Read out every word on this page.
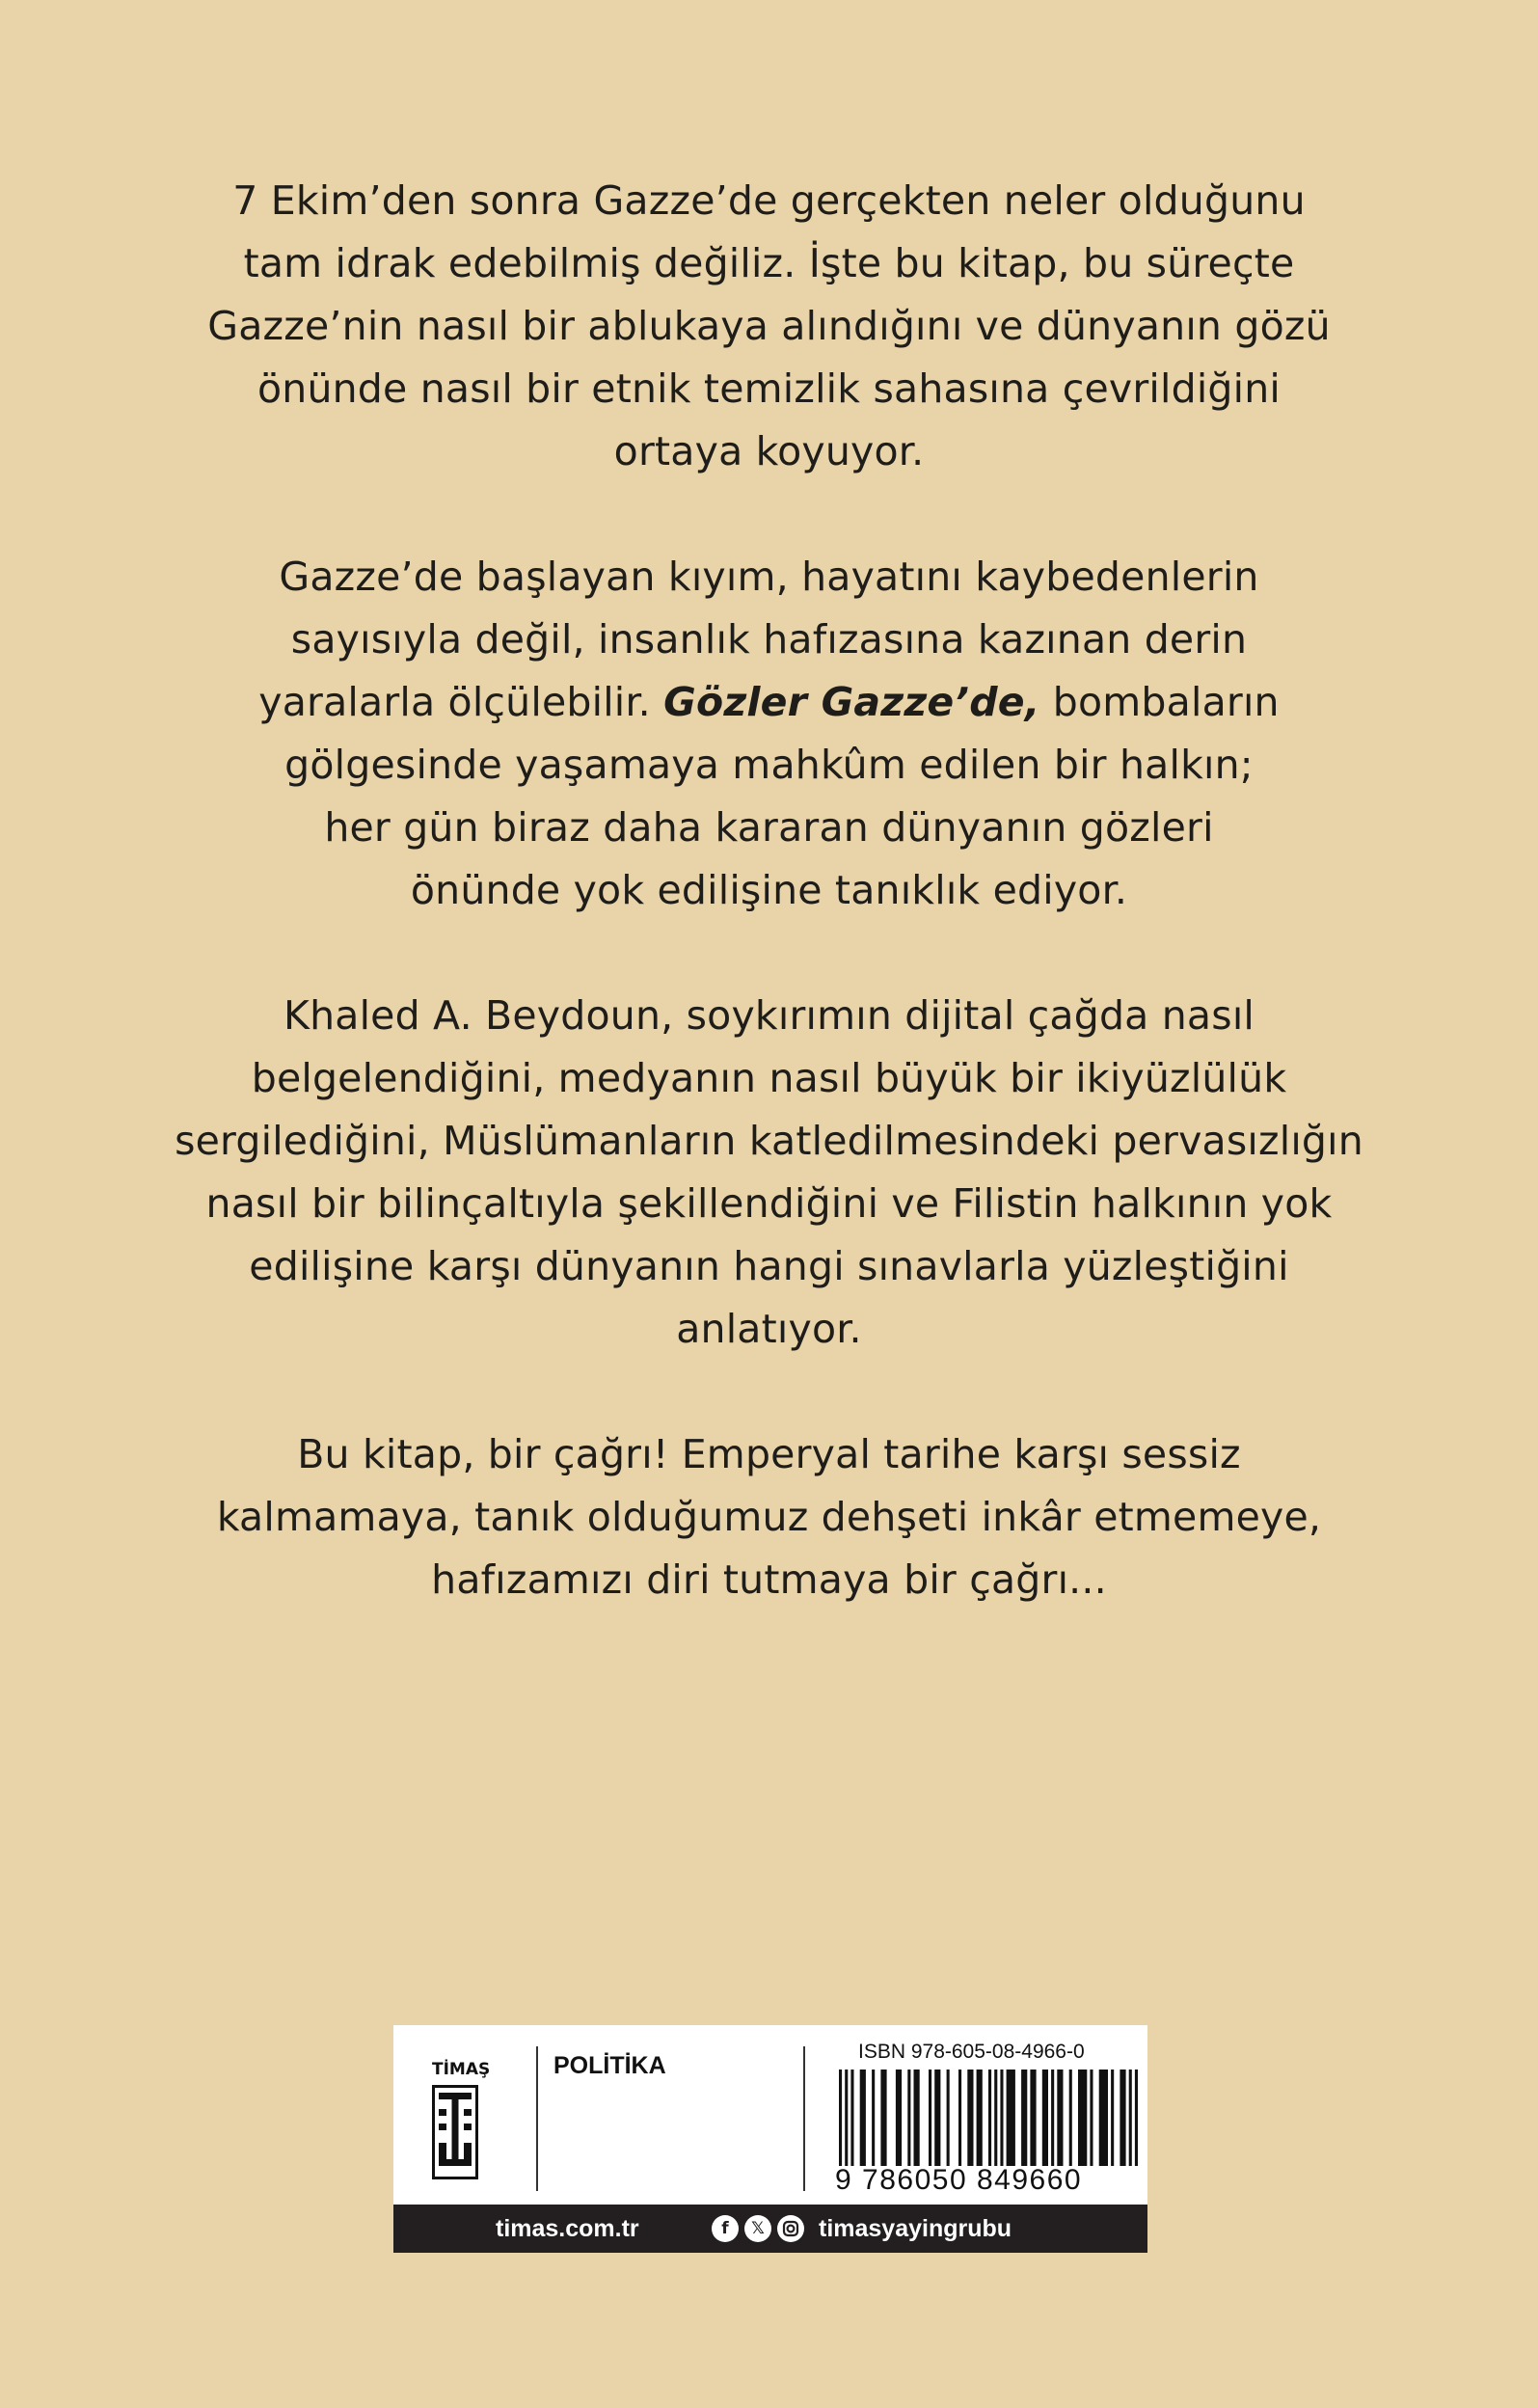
7 Ekim’den sonra Gazze’de gerçekten neler olduğunu
tam idrak edebilmiş değiliz. İşte bu kitap, bu süreçte
Gazze’nin nasıl bir ablukaya alındığını ve dünyanın gözü
önünde nasıl bir etnik temizlik sahasına çevrildiğini
ortaya koyuyor.

Gazze’de başlayan kıyım, hayatını kaybedenlerin
sayısıyla değil, insanlık hafızasına kazınan derin
yaralarla ölçülebilir. Gözler Gazze’de, bombaların
gölgesinde yaşamaya mahkûm edilen bir halkın;
her gün biraz daha kararan dünyanın gözleri
önünde yok edilişine tanıklık ediyor.

Khaled A. Beydoun, soykırımın dijital çağda nasıl
belgelendiğini, medyanın nasıl büyük bir ikiyüzlülük
sergilediğini, Müslümanların katledilmesindeki pervasızlığın
nasıl bir bilinçaltıyla şekillendiğini ve Filistin halkının yok
edilişine karşı dünyanın hangi sınavlarla yüzleştiğini
anlatıyor.

Bu kitap, bir çağrı! Emperyal tarihe karşı sessiz
kalmamaya, tanık olduğumuz dehşeti inkâr etmemeye,
hafızamızı diri tutmaya bir çağrı...

TİMAŞ	POLİTİKA
ISBN 978-605-08-4966-0
9 786050 849660
timas.com.tr	f	𝕏 timasyayingrubu
